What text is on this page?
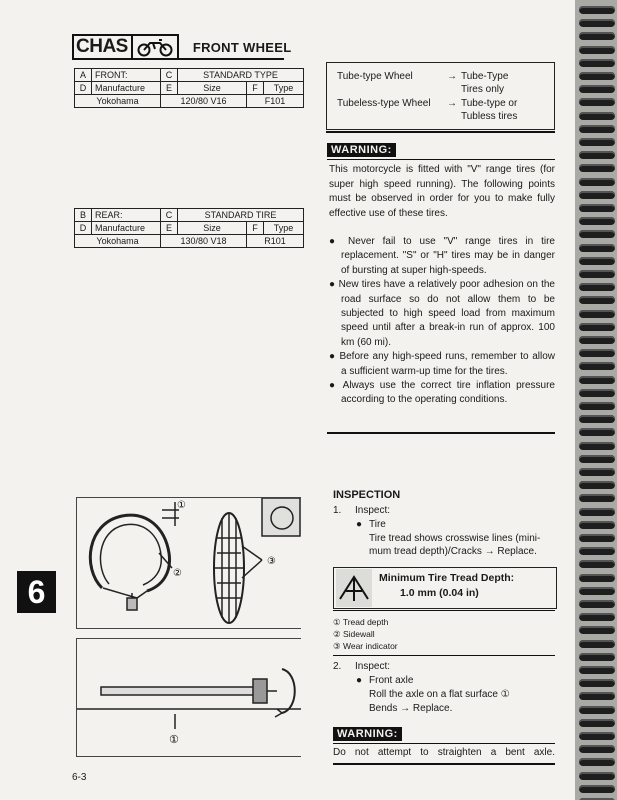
CHAS	FRONT WHEEL
A	FRONT:	C	STANDARD TYPE		
D	Manufacture	E	Size	F	Type
Yokohama		120/80 V16		F101	
B	REAR:	C	STANDARD TIRE		
D	Manufacture	E	Size	F	Type
Yokohama		130/80 V18		R101	
Tube-type Wheel	→ Tube-Type
Tires only
Tubeless-type Wheel → Tube-type or
Tubless tires
WARNING:
This motorcycle is fitted with "V" range tires (for super high speed running). The following points must be observed in order for you to make fully effective use of these tires.

● Never fail to use "V" range tires in tire replacement. "S" or "H" tires may be in danger of bursting at super high-speeds.

● New tires have a relatively poor adhesion on the road surface so do not allow them to be subjected to high speed load from maximum speed until after a break-in run of approx. 100 km (60 mi).

● Before any high-speed runs, remember to allow a sufficient warm-up time for the tires.

● Always use the correct tire inflation pressure according to the operating conditions.

①
②
③
①
6
INSPECTION
1. Inspect:
● Tire
Tire tread shows crosswise lines (mini-
mum tread depth)/Cracks → Replace.
Minimum Tire Tread Depth:
1.0 mm (0.04 in)
① Tread depth
② Sidewall
③ Wear indicator
2. Inspect:
● Front axle
Roll the axle on a flat surface ①
Bends → Replace.
WARNING:
Do not attempt to straighten a bent axle.
6-3
